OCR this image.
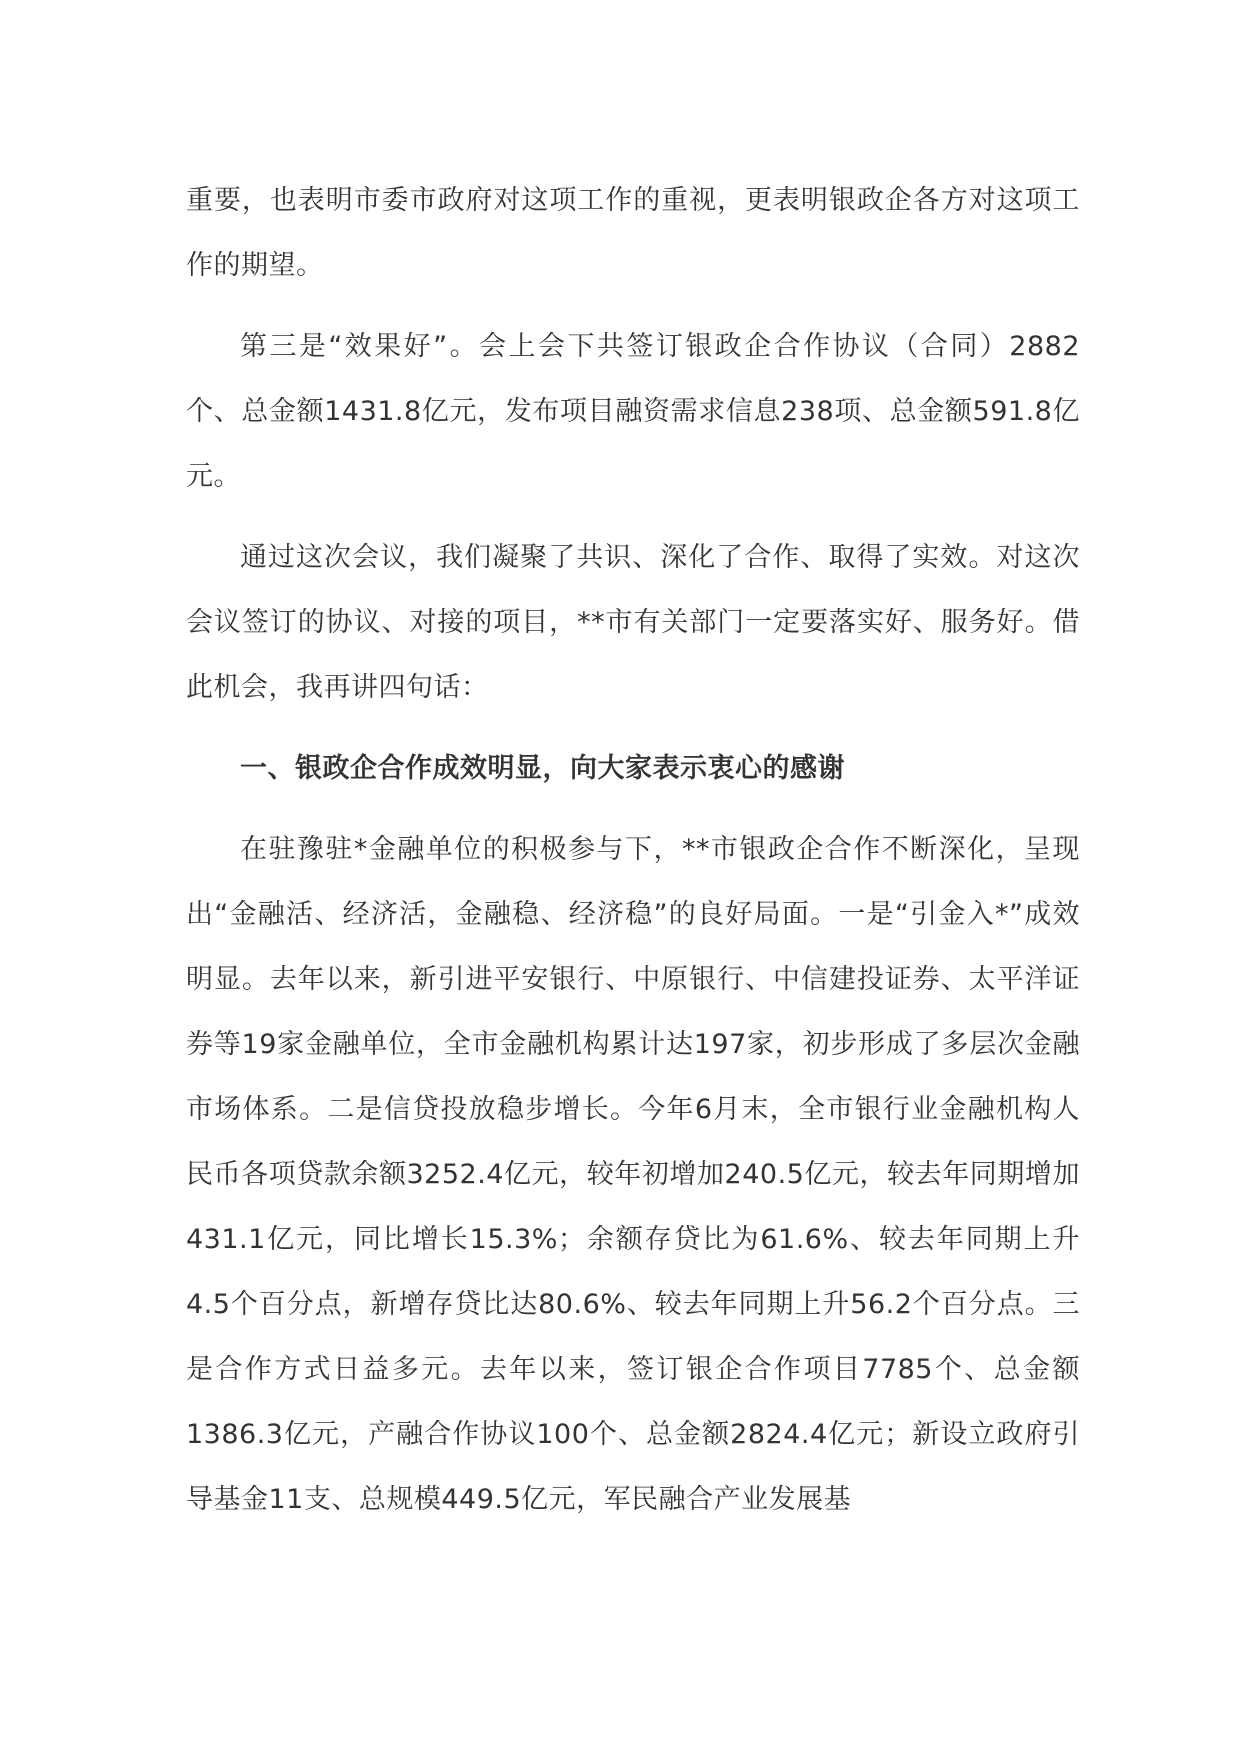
重要，也表明市委市政府对这项工作的重视，更表明银政企各方对这项工作的期望。

第三是“效果好”。会上会下共签订银政企合作协议（合同）2882个、总金额1431.8亿元，发布项目融资需求信息238项、总金额591.8亿元。

通过这次会议，我们凝聚了共识、深化了合作、取得了实效。对这次会议签订的协议、对接的项目，**市有关部门一定要落实好、服务好。借此机会，我再讲四句话：

一、银政企合作成效明显，向大家表示衷心的感谢

在驻豫驻*金融单位的积极参与下，**市银政企合作不断深化，呈现出“金融活、经济活，金融稳、经济稳”的良好局面。一是“引金入*”成效明显。去年以来，新引进平安银行、中原银行、中信建投证券、太平洋证券等19家金融单位，全市金融机构累计达197家，初步形成了多层次金融市场体系。二是信贷投放稳步增长。今年6月末，全市银行业金融机构人民币各项贷款余额3252.4亿元，较年初增加240.5亿元，较去年同期增加431.1亿元，同比增长15.3%；余额存贷比为61.6%、较去年同期上升4.5个百分点，新增存贷比达80.6%、较去年同期上升56.2个百分点。三是合作方式日益多元。去年以来，签订银企合作项目7785个、总金额1386.3亿元，产融合作协议100个、总金额2824.4亿元；新设立政府引导基金11支、总规模449.5亿元，军民融合产业发展基
